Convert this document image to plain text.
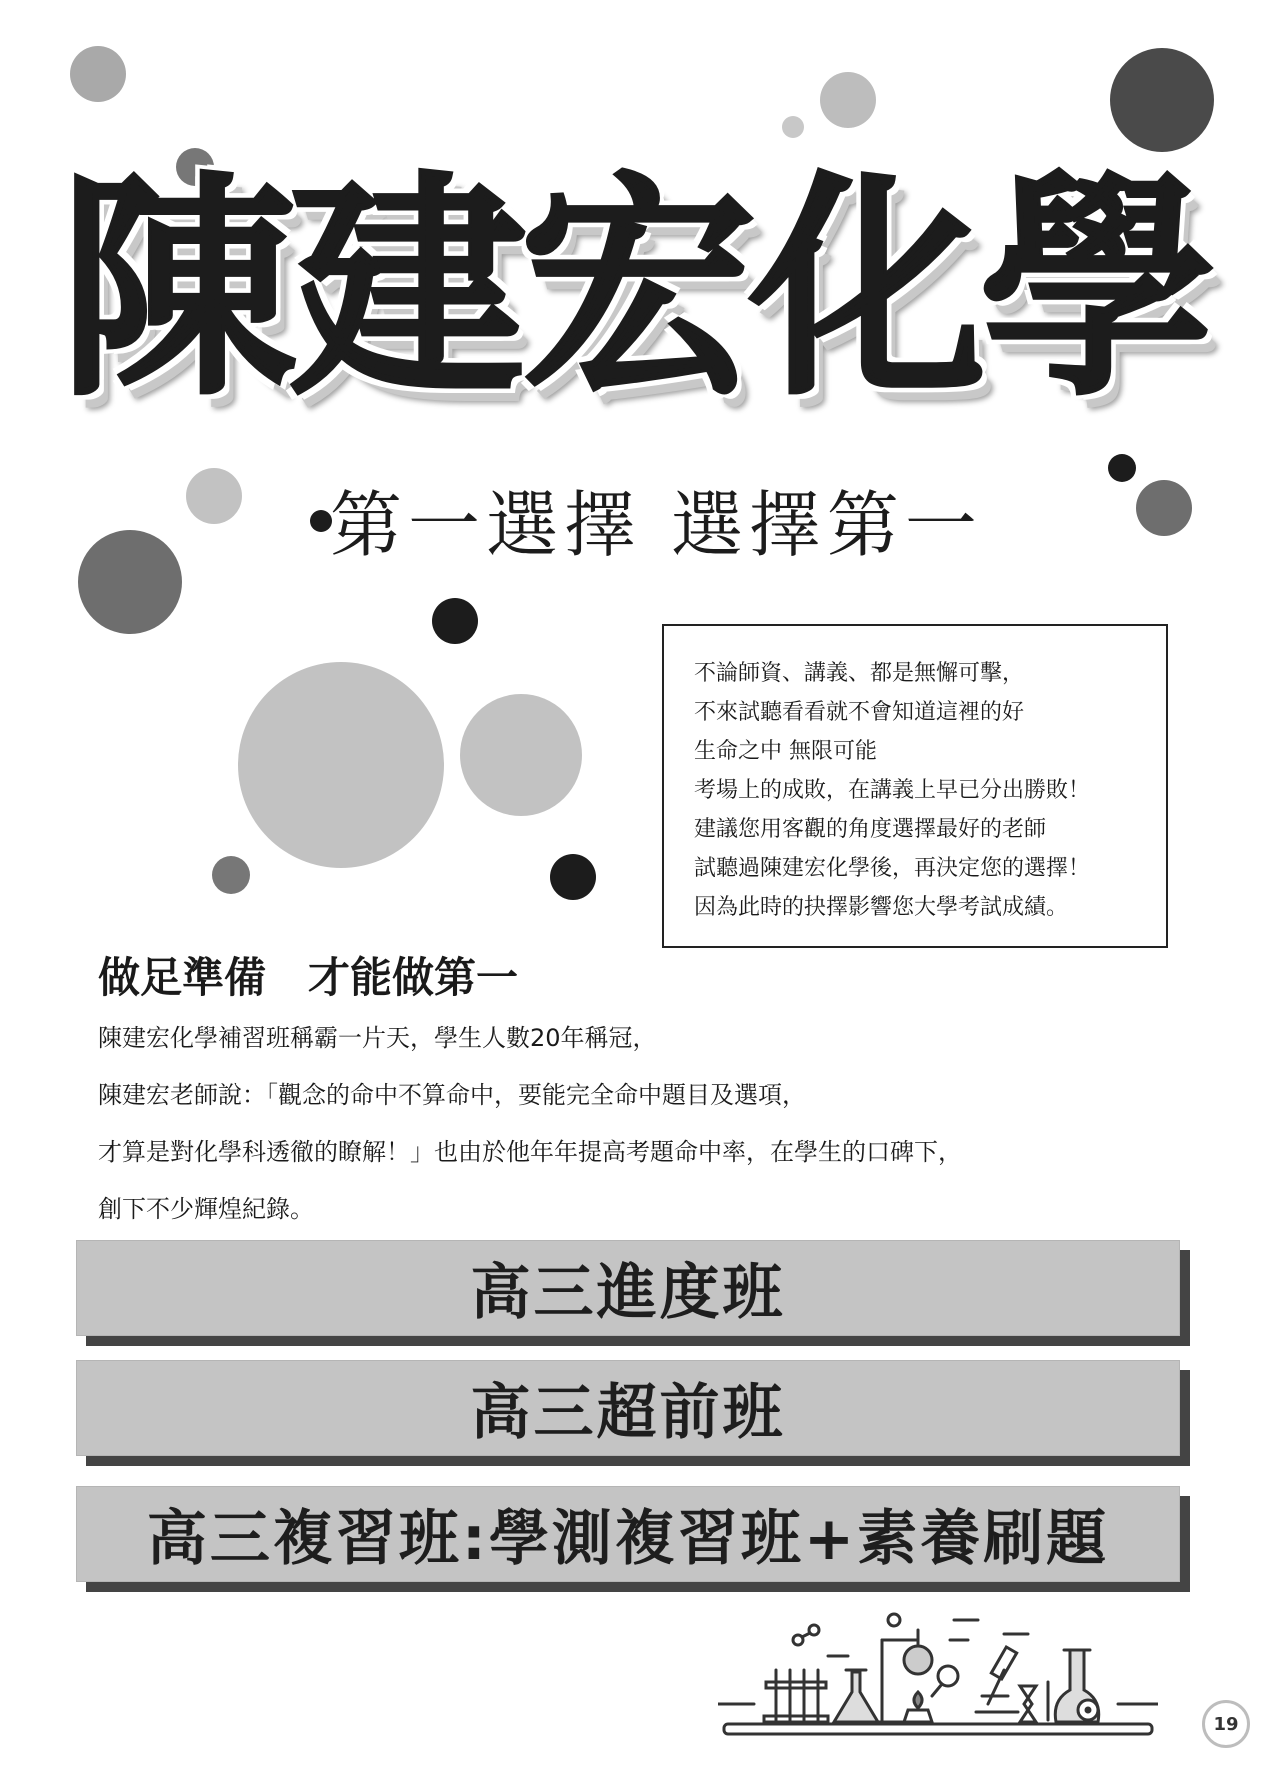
陳建宏化學
第一選擇 選擇第一
不論師資、講義、都是無懈可擊，
不來試聽看看就不會知道這裡的好
生命之中 無限可能
考場上的成敗，在講義上早已分出勝敗！
建議您用客觀的角度選擇最好的老師
試聽過陳建宏化學後，再決定您的選擇！
因為此時的抉擇影響您大學考試成績。
做足準備　才能做第一
陳建宏化學補習班稱霸一片天，學生人數20年稱冠，
陳建宏老師說：「觀念的命中不算命中，要能完全命中題目及選項，
才算是對化學科透徹的瞭解！」也由於他年年提高考題命中率，在學生的口碑下，
創下不少輝煌紀錄。
高三進度班
高三超前班
高三複習班:學測複習班+素養刷題
19
